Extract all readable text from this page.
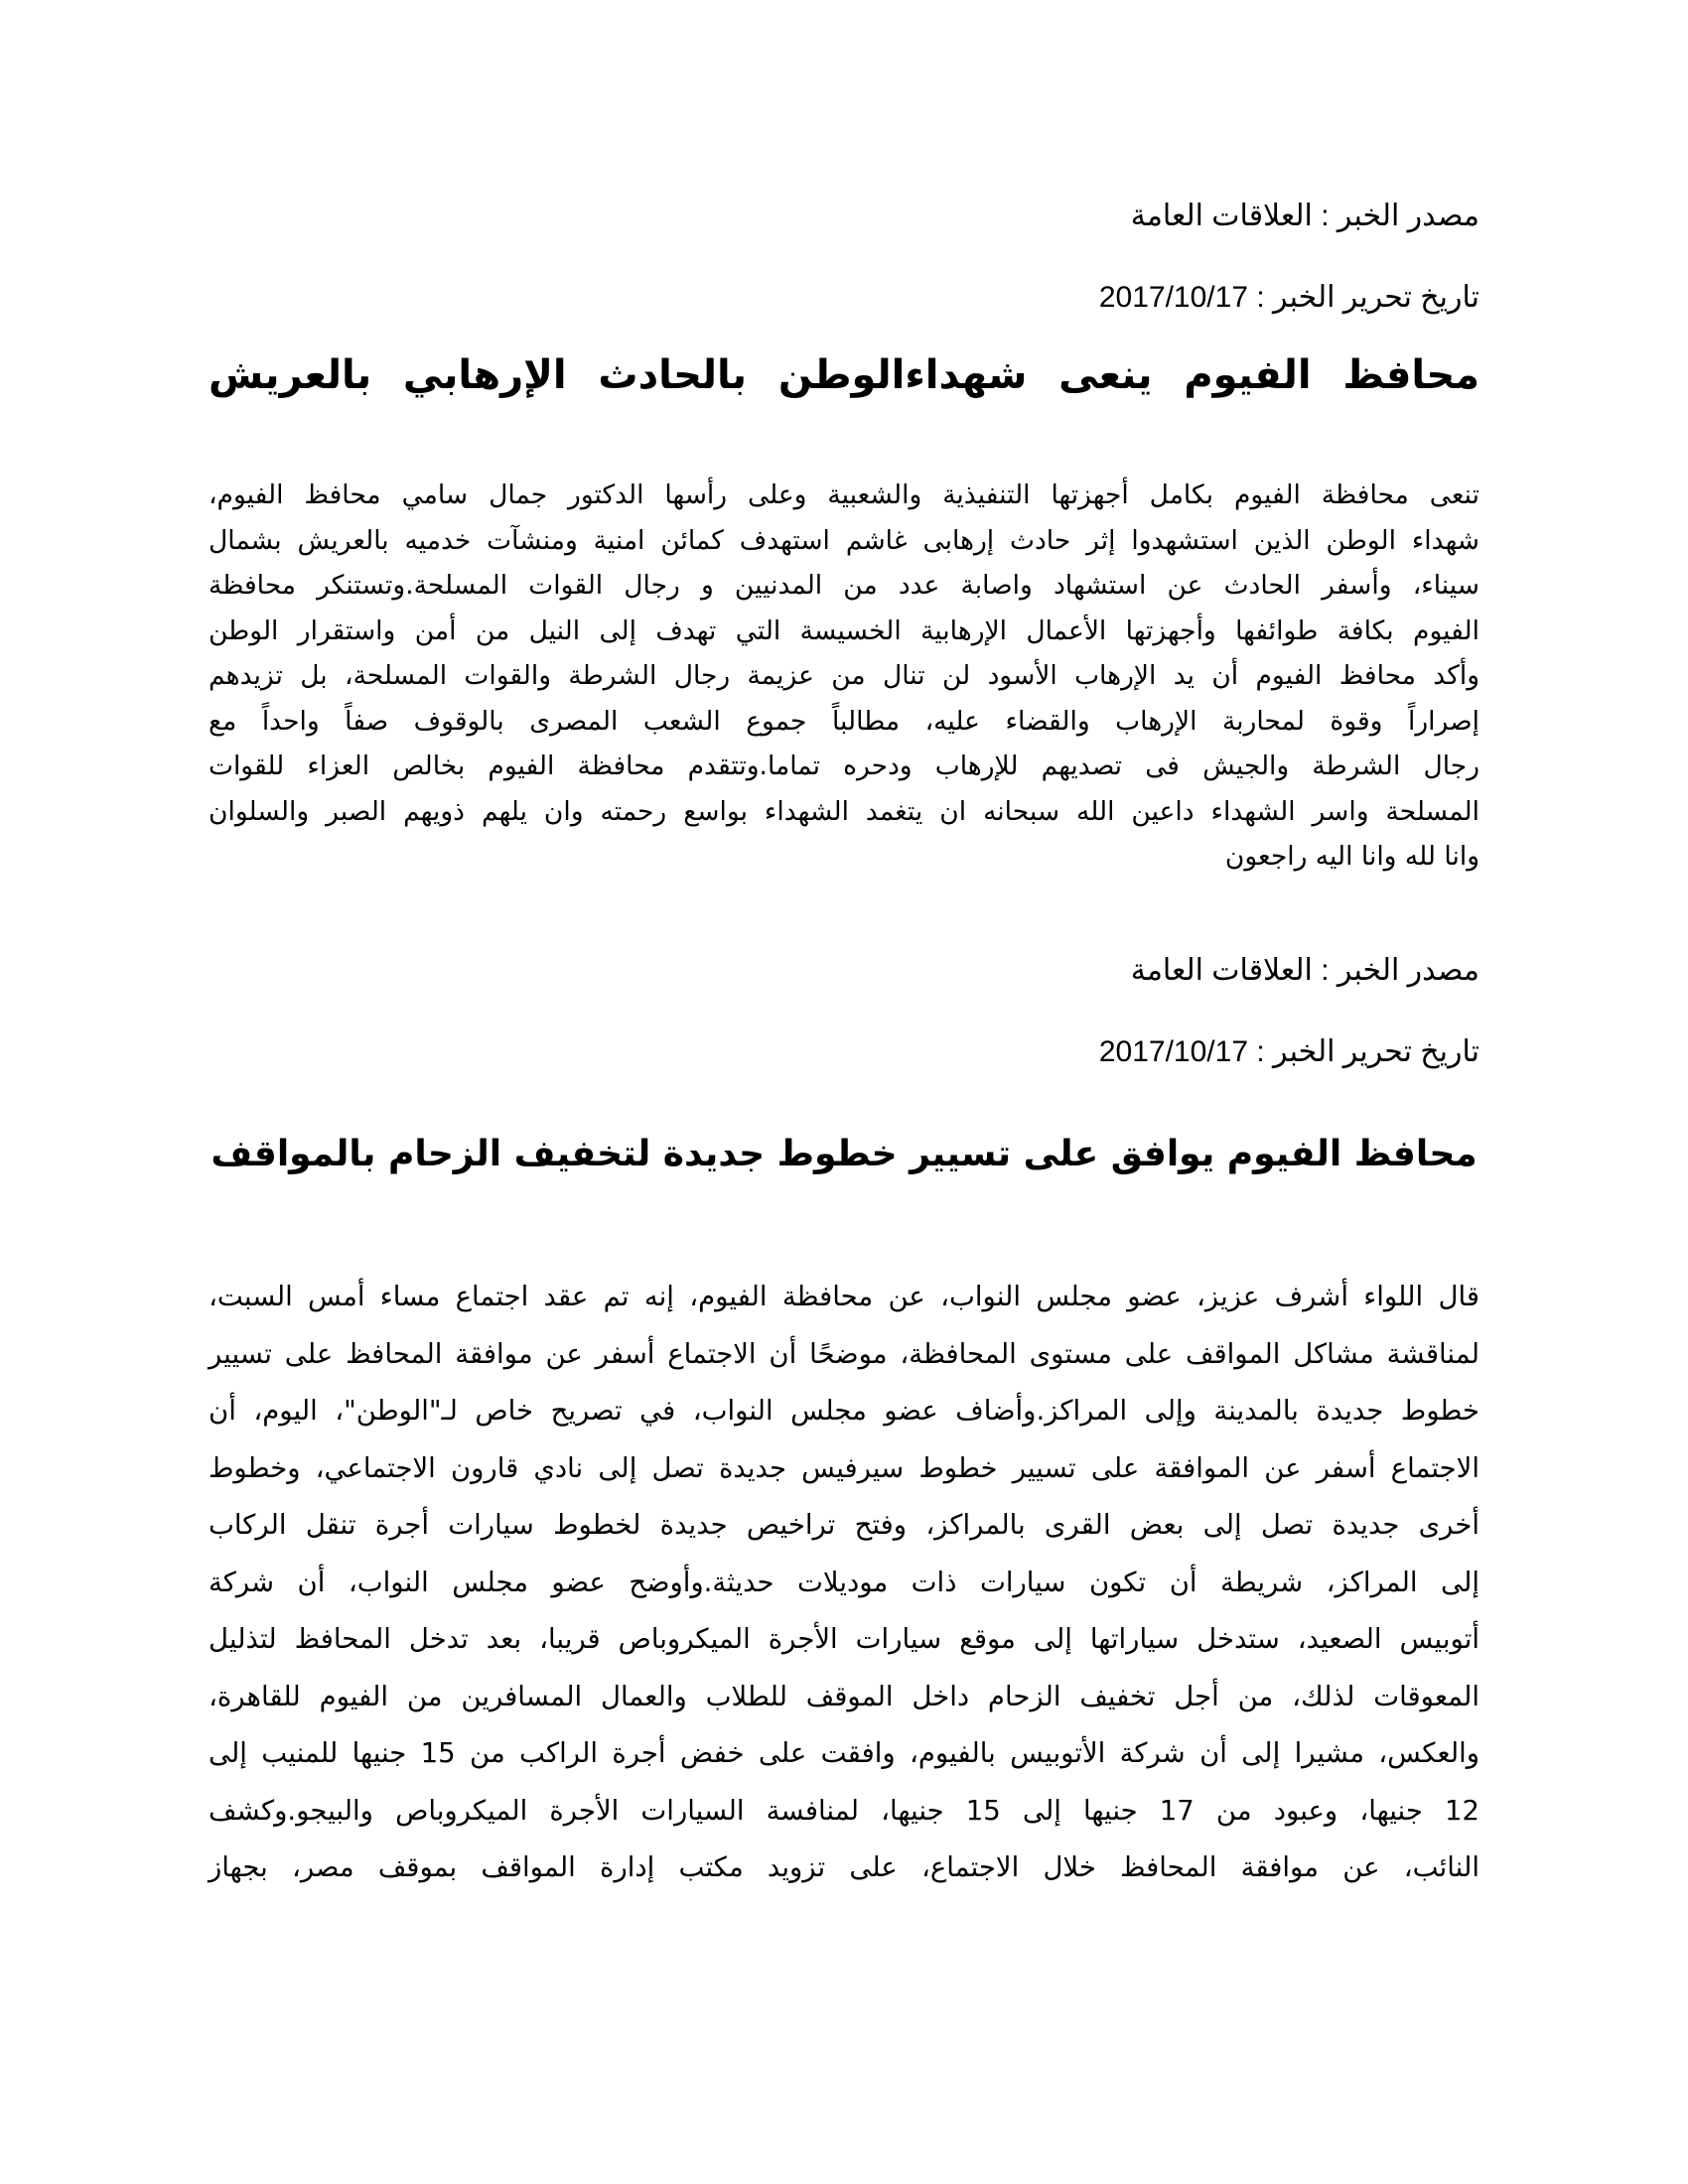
مصدر الخبر : العلاقات العامة
تاريخ تحرير الخبر : 2017/10/17
محافظ الفيوم ينعى شهداءالوطن بالحادث الإرهابي بالعريش
تنعى محافظة الفيوم بكامل أجهزتها التنفيذية والشعبية وعلى رأسها الدكتور جمال سامي محافظ الفيوم،
شهداء الوطن الذين استشهدوا إثر حادث إرهابى غاشم استهدف كمائن امنية ومنشآت خدميه بالعريش بشمال
سيناء، وأسفر الحادث عن استشهاد واصابة عدد من المدنيين و رجال القوات المسلحة.وتستنكر محافظة
الفيوم بكافة طوائفها وأجهزتها الأعمال الإرهابية الخسيسة التي تهدف إلى النيل من أمن واستقرار الوطن
وأكد محافظ الفيوم أن يد الإرهاب الأسود لن تنال من عزيمة رجال الشرطة والقوات المسلحة، بل تزيدهم
إصراراً وقوة لمحاربة الإرهاب والقضاء عليه، مطالباً جموع الشعب المصرى بالوقوف صفاً واحداً مع
رجال الشرطة والجيش فى تصديهم للإرهاب ودحره تماما.وتتقدم محافظة الفيوم بخالص العزاء للقوات
المسلحة واسر الشهداء داعين الله سبحانه ان يتغمد الشهداء بواسع رحمته وان يلهم ذويهم الصبر والسلوان
وانا لله وانا اليه راجعون
مصدر الخبر : العلاقات العامة
تاريخ تحرير الخبر : 2017/10/17
محافظ الفيوم يوافق على تسيير خطوط جديدة لتخفيف الزحام بالمواقف
قال اللواء أشرف عزيز، عضو مجلس النواب، عن محافظة الفيوم، إنه تم عقد اجتماع مساء أمس السبت،
لمناقشة مشاكل المواقف على مستوى المحافظة، موضحًا أن الاجتماع أسفر عن موافقة المحافظ على تسيير
خطوط جديدة بالمدينة وإلى المراكز.وأضاف عضو مجلس النواب، في تصريح خاص لـ"الوطن"، اليوم، أن
الاجتماع أسفر عن الموافقة على تسيير خطوط سيرفيس جديدة تصل إلى نادي قارون الاجتماعي، وخطوط
أخرى جديدة تصل إلى بعض القرى بالمراكز، وفتح تراخيص جديدة لخطوط سيارات أجرة تنقل الركاب
إلى المراكز، شريطة أن تكون سيارات ذات موديلات حديثة.وأوضح عضو مجلس النواب، أن شركة
أتوبيس الصعيد، ستدخل سياراتها إلى موقع سيارات الأجرة الميكروباص قريبا، بعد تدخل المحافظ لتذليل
المعوقات لذلك، من أجل تخفيف الزحام داخل الموقف للطلاب والعمال المسافرين من الفيوم للقاهرة،
والعكس، مشيرا إلى أن شركة الأتوبيس بالفيوم، وافقت على خفض أجرة الراكب من 15 جنيها للمنيب إلى
12 جنيها، وعبود من 17 جنيها إلى 15 جنيها، لمنافسة السيارات الأجرة الميكروباص والبيجو.وكشف
النائب، عن موافقة المحافظ خلال الاجتماع، على تزويد مكتب إدارة المواقف بموقف مصر، بجهاز
